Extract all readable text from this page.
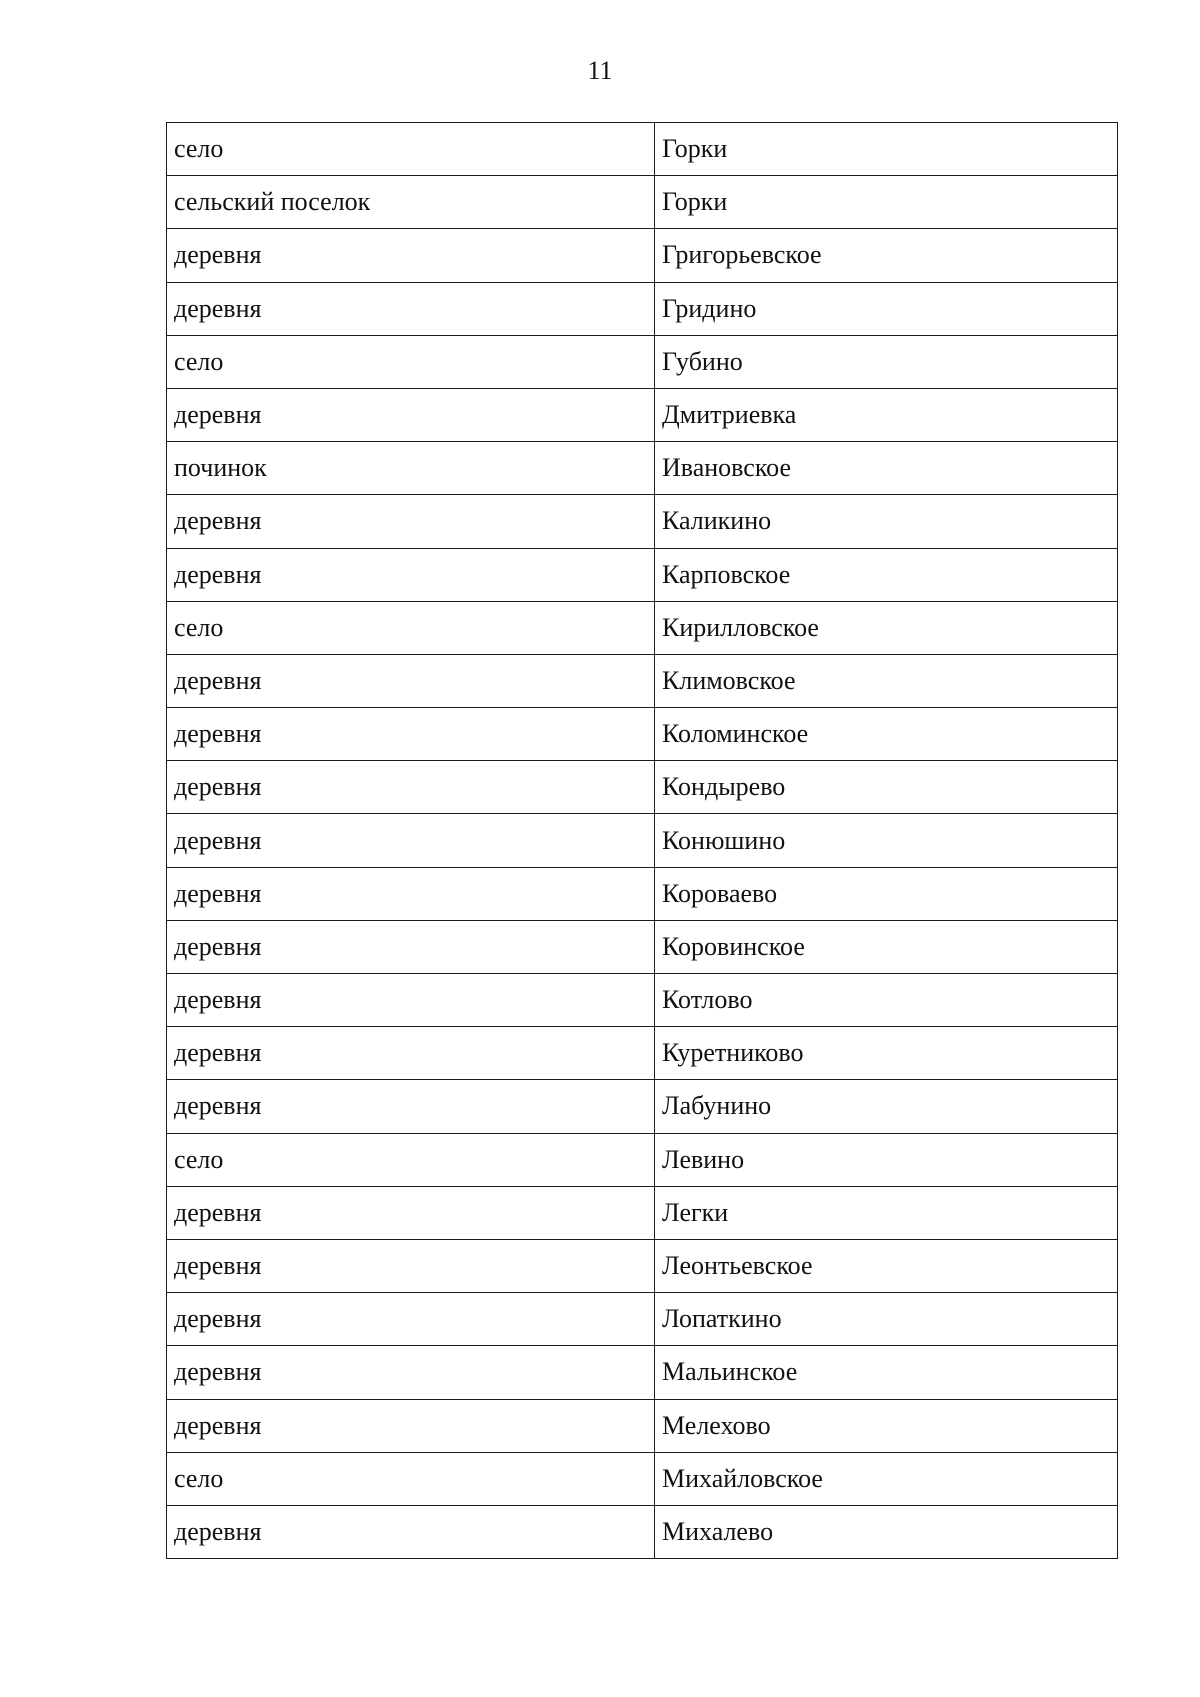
11
село	Горки
сельский поселок	Горки
деревня	Григорьевское
деревня	Гридино
село	Губино
деревня	Дмитриевка
починок	Ивановское
деревня	Каликино
деревня	Карповское
село	Кирилловское
деревня	Климовское
деревня	Коломинское
деревня	Кондырево
деревня	Конюшино
деревня	Короваево
деревня	Коровинское
деревня	Котлово
деревня	Куретниково
деревня	Лабунино
село	Левино
деревня	Легки
деревня	Леонтьевское
деревня	Лопаткино
деревня	Мальинское
деревня	Мелехово
село	Михайловское
деревня	Михалево
